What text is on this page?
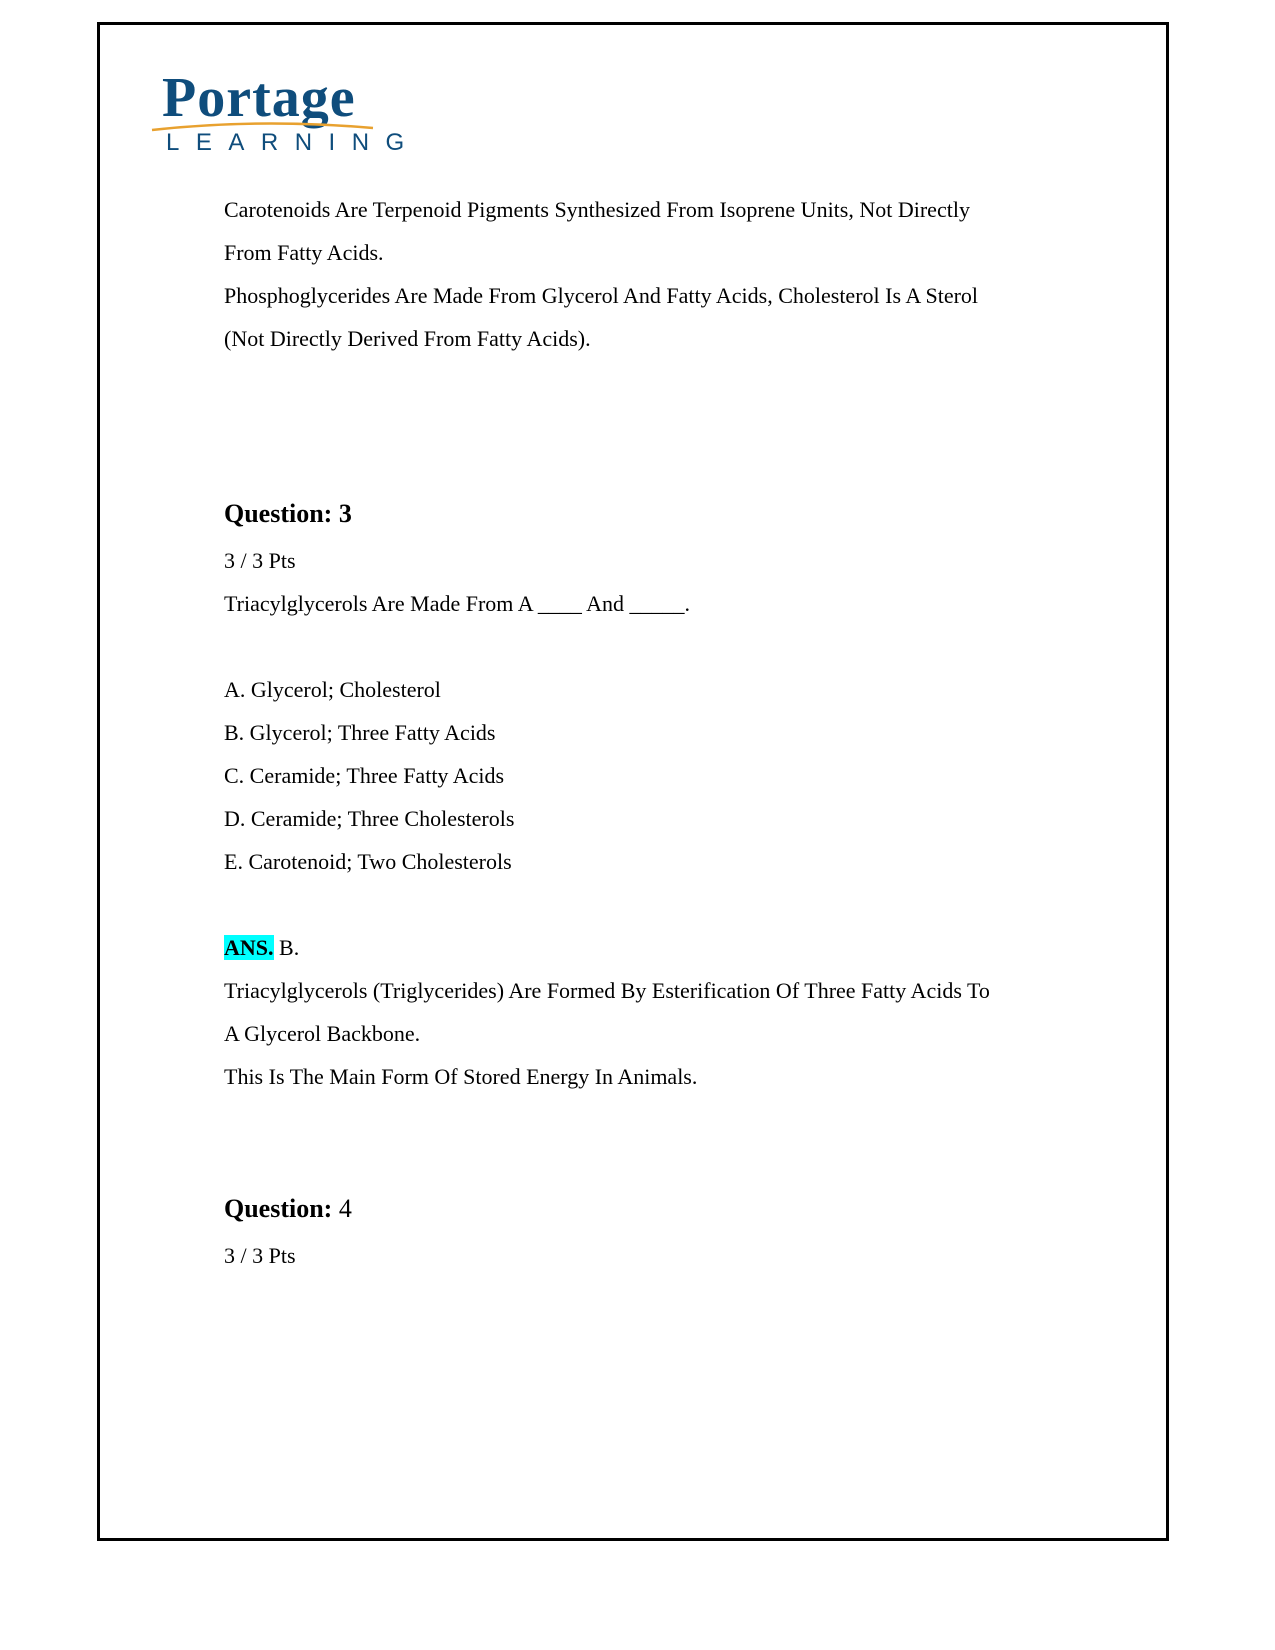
Portage
LEARNING

Carotenoids Are Terpenoid Pigments Synthesized From Isoprene Units, Not Directly

From Fatty Acids.

Phosphoglycerides Are Made From Glycerol And Fatty Acids, Cholesterol Is A Sterol

(Not Directly Derived From Fatty Acids).

Question: 3

3 / 3 Pts

Triacylglycerols Are Made From A ____ And _____.

A. Glycerol; Cholesterol

B. Glycerol; Three Fatty Acids

C. Ceramide; Three Fatty Acids

D. Ceramide; Three Cholesterols

E. Carotenoid; Two Cholesterols

ANS. B.

Triacylglycerols (Triglycerides) Are Formed By Esterification Of Three Fatty Acids To

A Glycerol Backbone.

This Is The Main Form Of Stored Energy In Animals.

Question: 4

3 / 3 Pts
